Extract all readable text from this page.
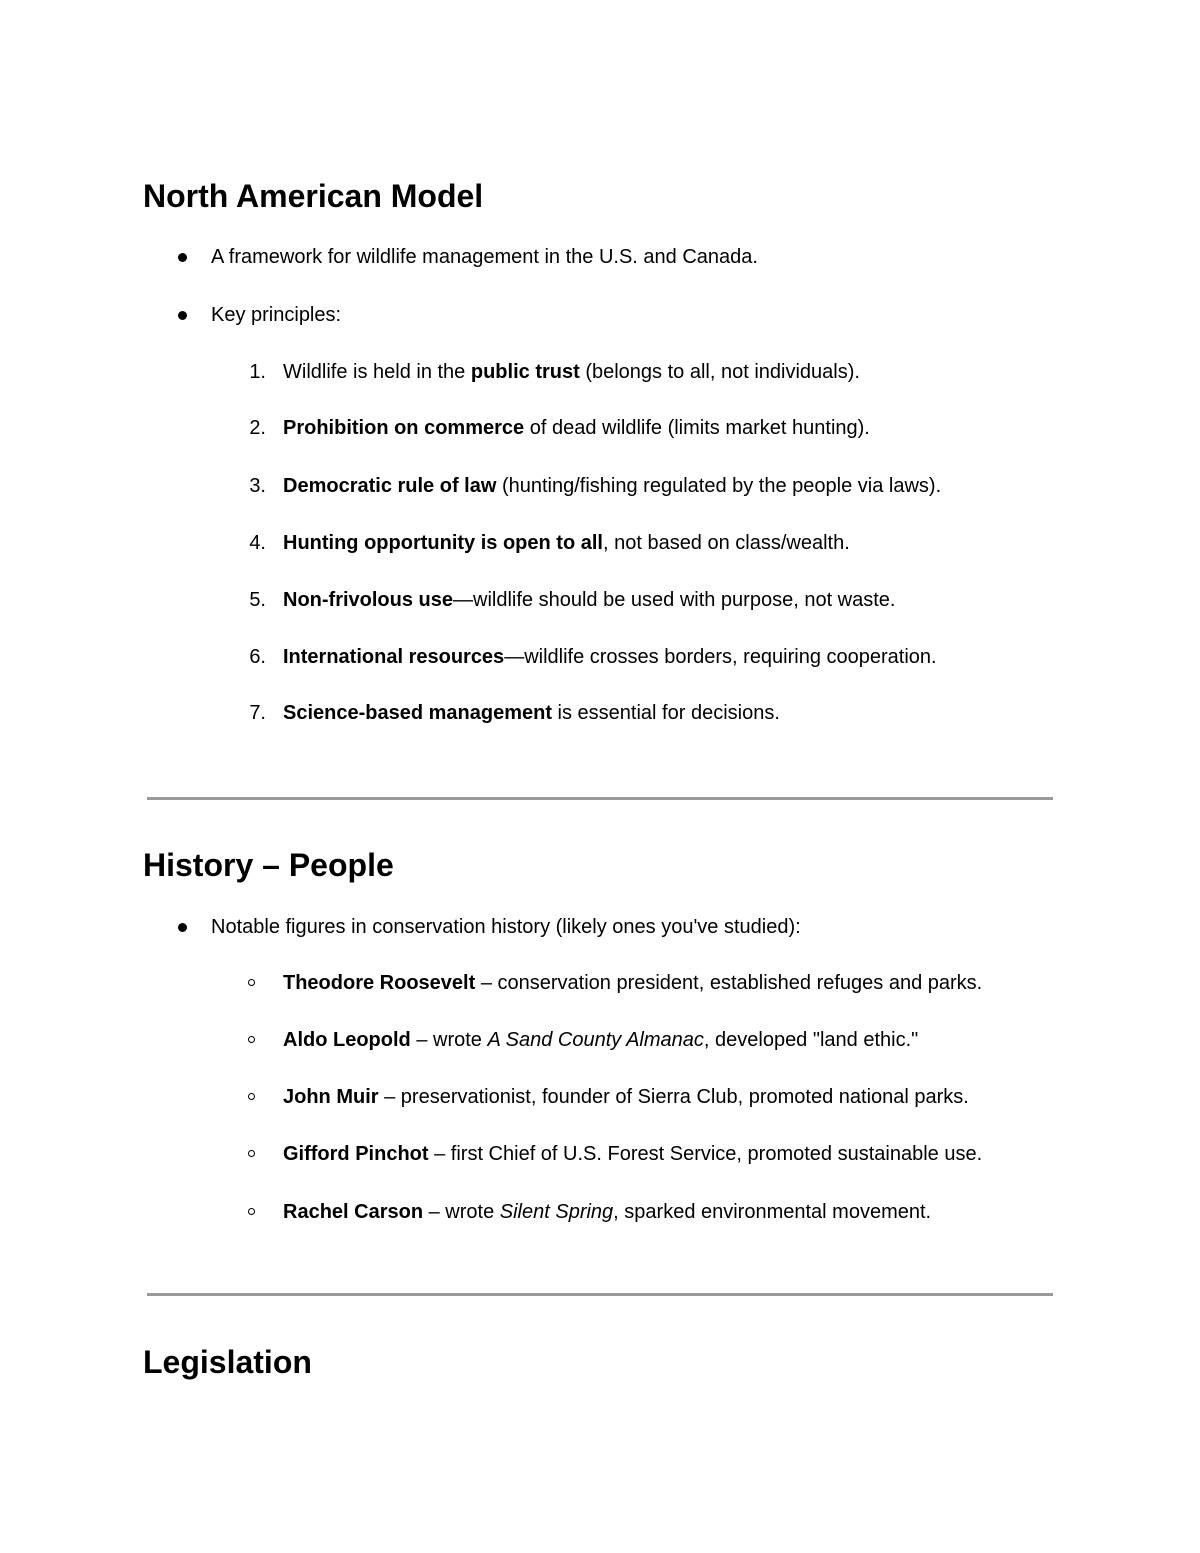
North American Model
A framework for wildlife management in the U.S. and Canada.
Key principles:
1. Wildlife is held in the public trust (belongs to all, not individuals).
2. Prohibition on commerce of dead wildlife (limits market hunting).
3. Democratic rule of law (hunting/fishing regulated by the people via laws).
4. Hunting opportunity is open to all, not based on class/wealth.
5. Non-frivolous use—wildlife should be used with purpose, not waste.
6. International resources—wildlife crosses borders, requiring cooperation.
7. Science-based management is essential for decisions.
History – People
Notable figures in conservation history (likely ones you've studied):
Theodore Roosevelt – conservation president, established refuges and parks.
Aldo Leopold – wrote A Sand County Almanac, developed "land ethic."
John Muir – preservationist, founder of Sierra Club, promoted national parks.
Gifford Pinchot – first Chief of U.S. Forest Service, promoted sustainable use.
Rachel Carson – wrote Silent Spring, sparked environmental movement.
Legislation
